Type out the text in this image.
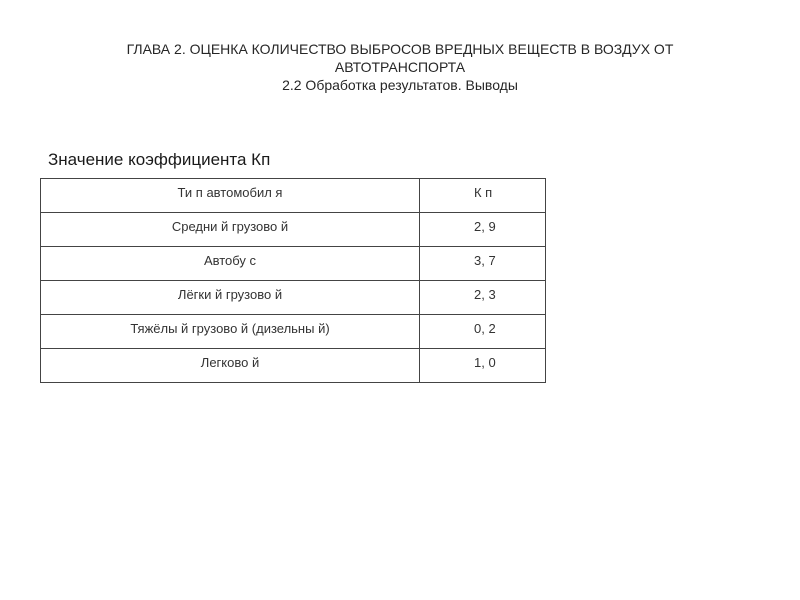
ГЛАВА 2. ОЦЕНКА КОЛИЧЕСТВО ВЫБРОСОВ ВРЕДНЫХ ВЕЩЕСТВ В ВОЗДУХ ОТ АВТОТРАНСПОРТА
2.2 Обработка результатов. Выводы
Значение коэффициента Кп
Ти п автомобил я	К п
Средни й грузово й	2, 9
Автобу с	3, 7
Лёгки й грузово й	2, 3
Тяжёлы й грузово й (дизельны й)	0, 2
Легково й	1, 0
